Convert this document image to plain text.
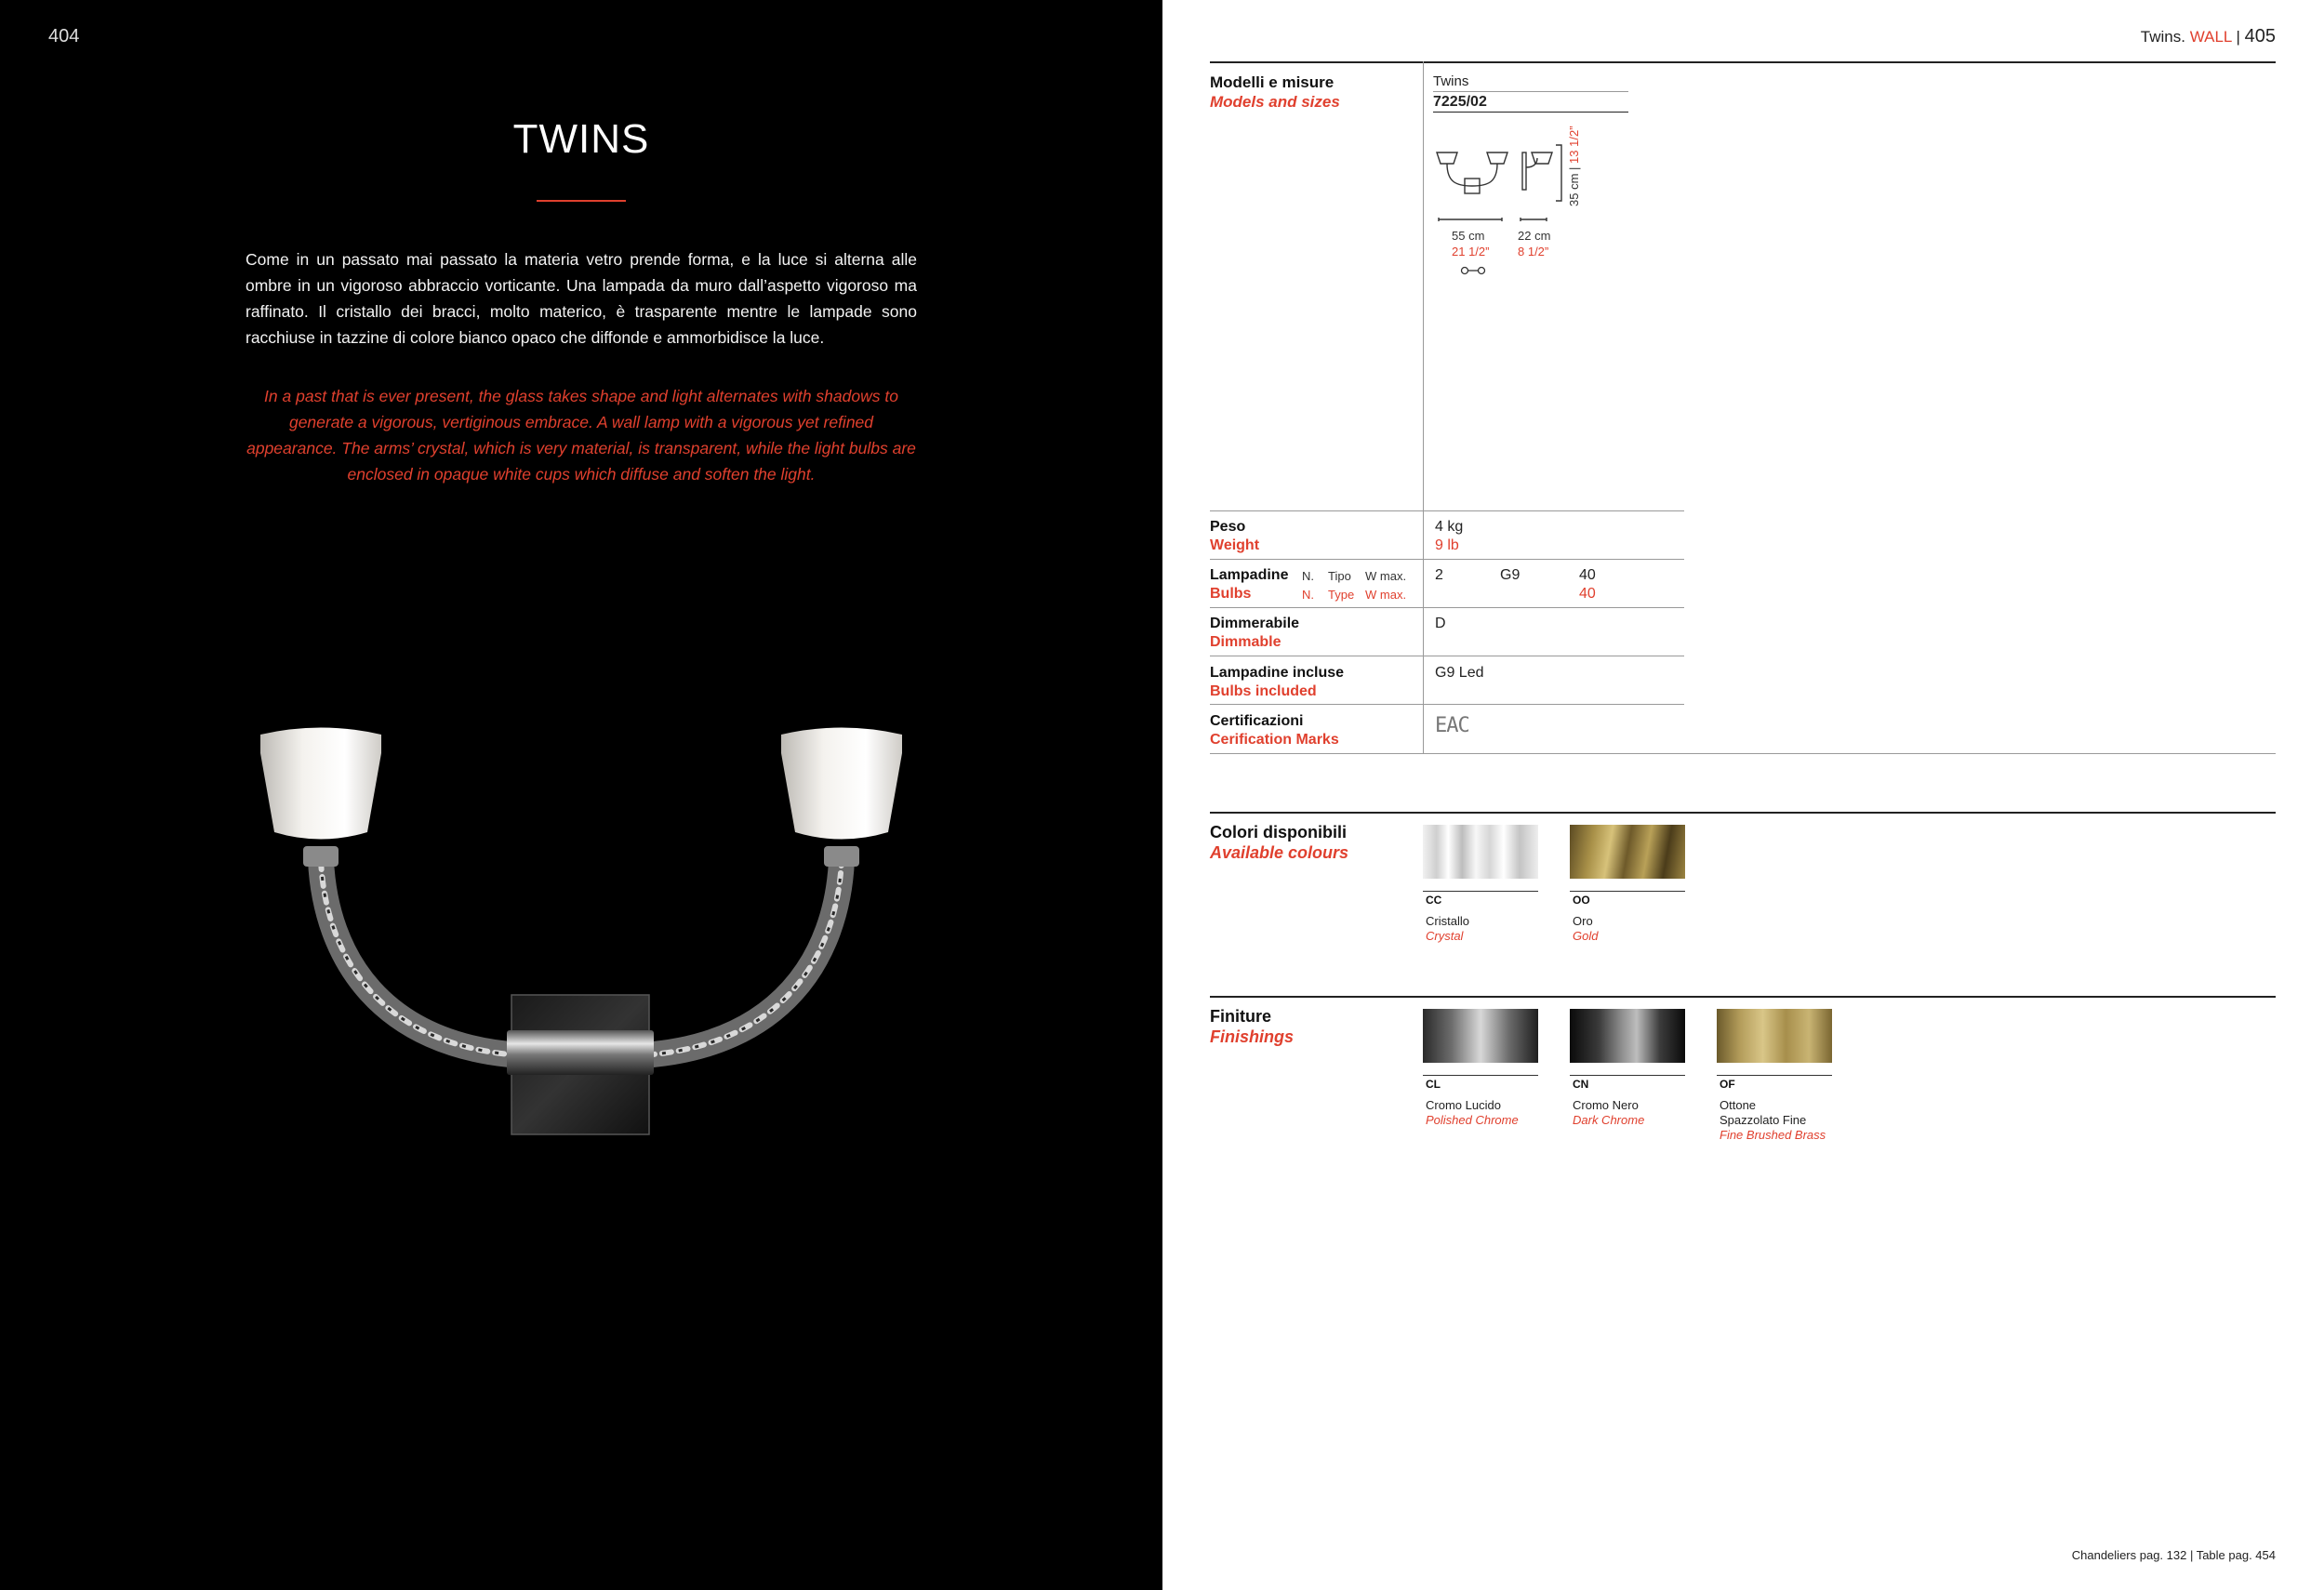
404
TWINS

Come in un passato mai passato la materia vetro prende forma, e la luce si alterna alle ombre in un vigoroso abbraccio vorticante. Una lampada da muro dall’aspetto vigoroso ma raffinato. Il cristallo dei bracci, molto materico, è trasparente mentre le lampade sono racchiuse in tazzine di colore bianco opaco che diffonde e ammorbidisce la luce.

In a past that is ever present, the glass takes shape and light alternates with shadows to generate a vigorous, vertiginous embrace. A wall lamp with a vigorous yet refined appearance. The arms’ crystal, which is very material, is transparent, while the light bulbs are enclosed in opaque white cups which diffuse and soften the light.

Twins. WALL | 405
Modelli e misure
Models and sizes
Twins
7225/02
55 cm
21 1/2”
22 cm
8 1/2”
35 cm | 13 1/2”
Peso
Weight
4 kg
9 lb
Lampadine
Bulbs
N. Tipo W max.
N. Type W max.
2	G9	40
40
Dimmerabile
Dimmable
D
Lampadine incluse
Bulbs included
G9 Led
Certificazioni
Cerification Marks
EAC
Colori disponibili
Available colours
CC
Cristallo
Crystal
OO
Oro
Gold
Finiture
Finishings
CL
Cromo Lucido
Polished Chrome
CN
Cromo Nero
Dark Chrome
OF
Ottone
Spazzolato Fine
Fine Brushed Brass
Chandeliers pag. 132 | Table pag. 454
